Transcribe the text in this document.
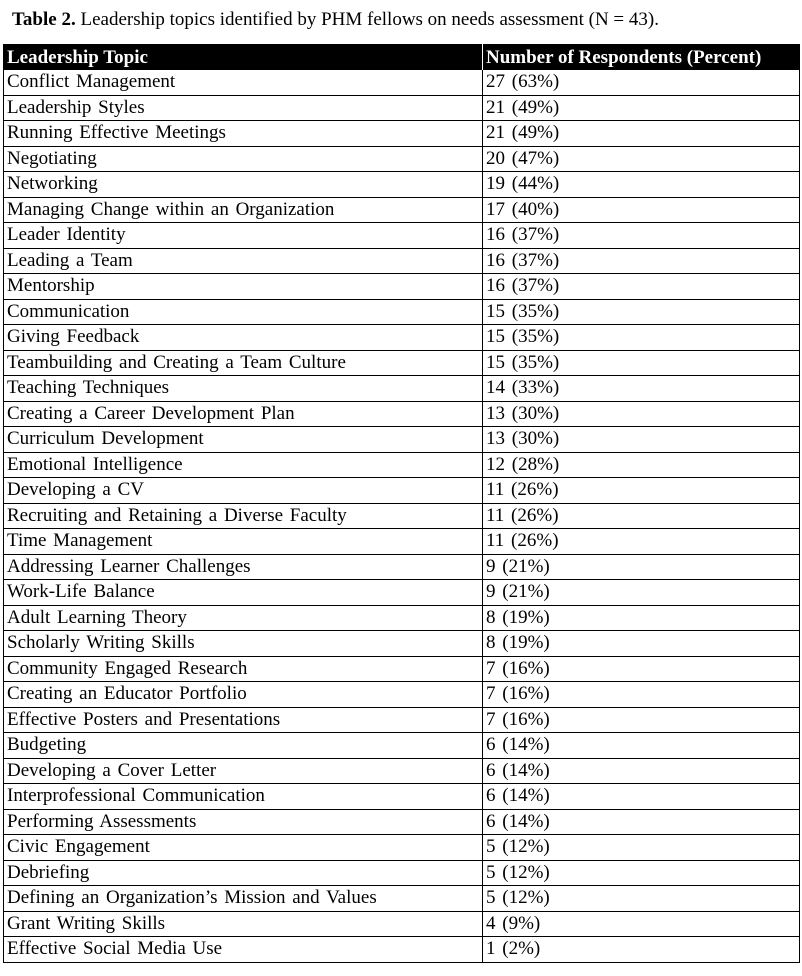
Table 2. Leadership topics identified by PHM fellows on needs assessment (N = 43).
Leadership Topic	Number of Respondents (Percent)
Conflict Management	27 (63%)
Leadership Styles	21 (49%)
Running Effective Meetings	21 (49%)
Negotiating	20 (47%)
Networking	19 (44%)
Managing Change within an Organization	17 (40%)
Leader Identity	16 (37%)
Leading a Team	16 (37%)
Mentorship	16 (37%)
Communication	15 (35%)
Giving Feedback	15 (35%)
Teambuilding and Creating a Team Culture	15 (35%)
Teaching Techniques	14 (33%)
Creating a Career Development Plan	13 (30%)
Curriculum Development	13 (30%)
Emotional Intelligence	12 (28%)
Developing a CV	11 (26%)
Recruiting and Retaining a Diverse Faculty	11 (26%)
Time Management	11 (26%)
Addressing Learner Challenges	9 (21%)
Work-Life Balance	9 (21%)
Adult Learning Theory	8 (19%)
Scholarly Writing Skills	8 (19%)
Community Engaged Research	7 (16%)
Creating an Educator Portfolio	7 (16%)
Effective Posters and Presentations	7 (16%)
Budgeting	6 (14%)
Developing a Cover Letter	6 (14%)
Interprofessional Communication	6 (14%)
Performing Assessments	6 (14%)
Civic Engagement	5 (12%)
Debriefing	5 (12%)
Defining an Organization’s Mission and Values	5 (12%)
Grant Writing Skills	4 (9%)
Effective Social Media Use	1 (2%)
